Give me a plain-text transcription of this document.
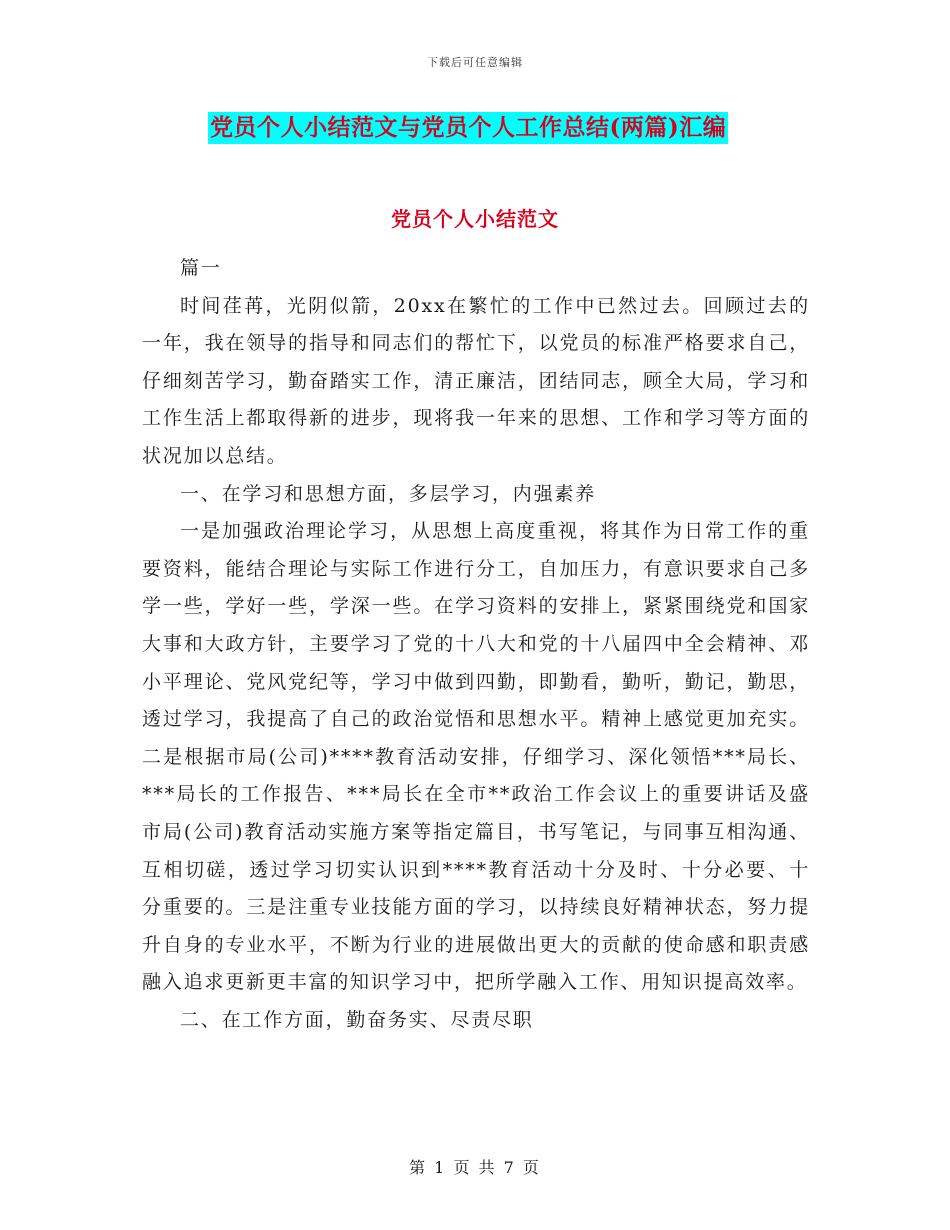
下载后可任意编辑
党员个人小结范文与党员个人工作总结(两篇)汇编
党员个人小结范文

篇一

时间荏苒，光阴似箭，20xx在繁忙的工作中已然过去。回顾过去的一年，我在领导的指导和同志们的帮忙下，以党员的标准严格要求自己，仔细刻苦学习，勤奋踏实工作，清正廉洁，团结同志，顾全大局，学习和工作生活上都取得新的进步，现将我一年来的思想、工作和学习等方面的状况加以总结。

一、在学习和思想方面，多层学习，内强素养

一是加强政治理论学习，从思想上高度重视，将其作为日常工作的重要资料，能结合理论与实际工作进行分工，自加压力，有意识要求自己多学一些，学好一些，学深一些。在学习资料的安排上，紧紧围绕党和国家大事和大政方针，主要学习了党的十八大和党的十八届四中全会精神、邓小平理论、党风党纪等，学习中做到四勤，即勤看，勤听，勤记，勤思，透过学习，我提高了自己的政治觉悟和思想水平。精神上感觉更加充实。二是根据市局(公司)****教育活动安排，仔细学习、深化领悟***局长、***局长的工作报告、***局长在全市**政治工作会议上的重要讲话及盛市局(公司)教育活动实施方案等指定篇目，书写笔记，与同事互相沟通、互相切磋，透过学习切实认识到****教育活动十分及时、十分必要、十分重要的。三是注重专业技能方面的学习，以持续良好精神状态，努力提升自身的专业水平，不断为行业的进展做出更大的贡献的使命感和职责感融入追求更新更丰富的知识学习中，把所学融入工作、用知识提高效率。

二、在工作方面，勤奋务实、尽责尽职

第 1 页 共 7 页
